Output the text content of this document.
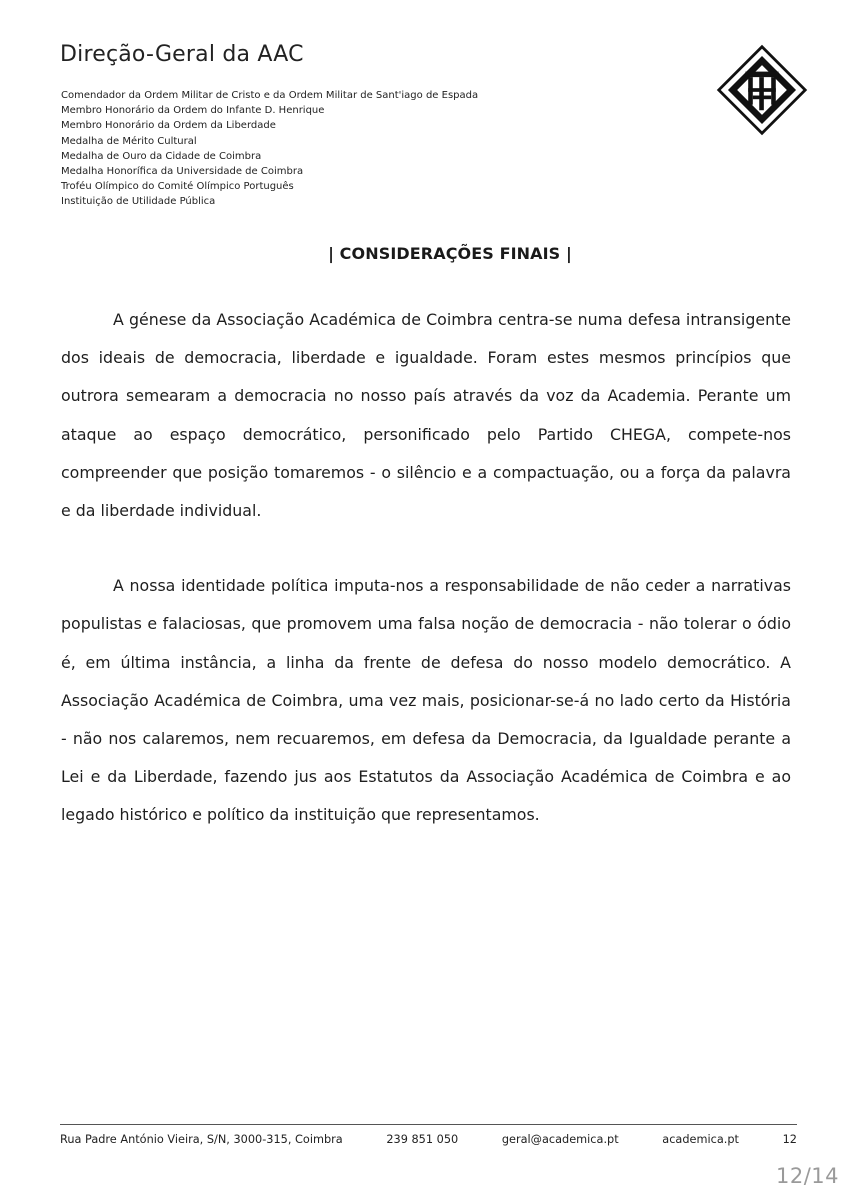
Direção-Geral da AAC
Comendador da Ordem Militar de Cristo e da Ordem Militar de Sant'iago de Espada
Membro Honorário da Ordem do Infante D. Henrique
Membro Honorário da Ordem da Liberdade
Medalha de Mérito Cultural
Medalha de Ouro da Cidade de Coimbra
Medalha Honorífica da Universidade de Coimbra
Troféu Olímpico do Comité Olímpico Português
Instituição de Utilidade Pública
| CONSIDERAÇÕES FINAIS |

A génese da Associação Académica de Coimbra centra-se numa defesa intransigente dos ideais de democracia, liberdade e igualdade. Foram estes mesmos princípios que outrora semearam a democracia no nosso país através da voz da Academia. Perante um ataque ao espaço democrático, personificado pelo Partido CHEGA, compete-nos compreender que posição tomaremos - o silêncio e a compactuação, ou a força da palavra e da liberdade individual.

A nossa identidade política imputa-nos a responsabilidade de não ceder a narrativas populistas e falaciosas, que promovem uma falsa noção de democracia - não tolerar o ódio é, em última instância, a linha da frente de defesa do nosso modelo democrático. A Associação Académica de Coimbra, uma vez mais, posicionar-se-á no lado certo da História - não nos calaremos, nem recuaremos, em defesa da Democracia, da Igualdade perante a Lei e da Liberdade, fazendo jus aos Estatutos da Associação Académica de Coimbra e ao legado histórico e político da instituição que representamos.

Rua Padre António Vieira, S/N, 3000-315, Coimbra	239 851 050	geral@academica.pt	academica.pt	12
12/14
